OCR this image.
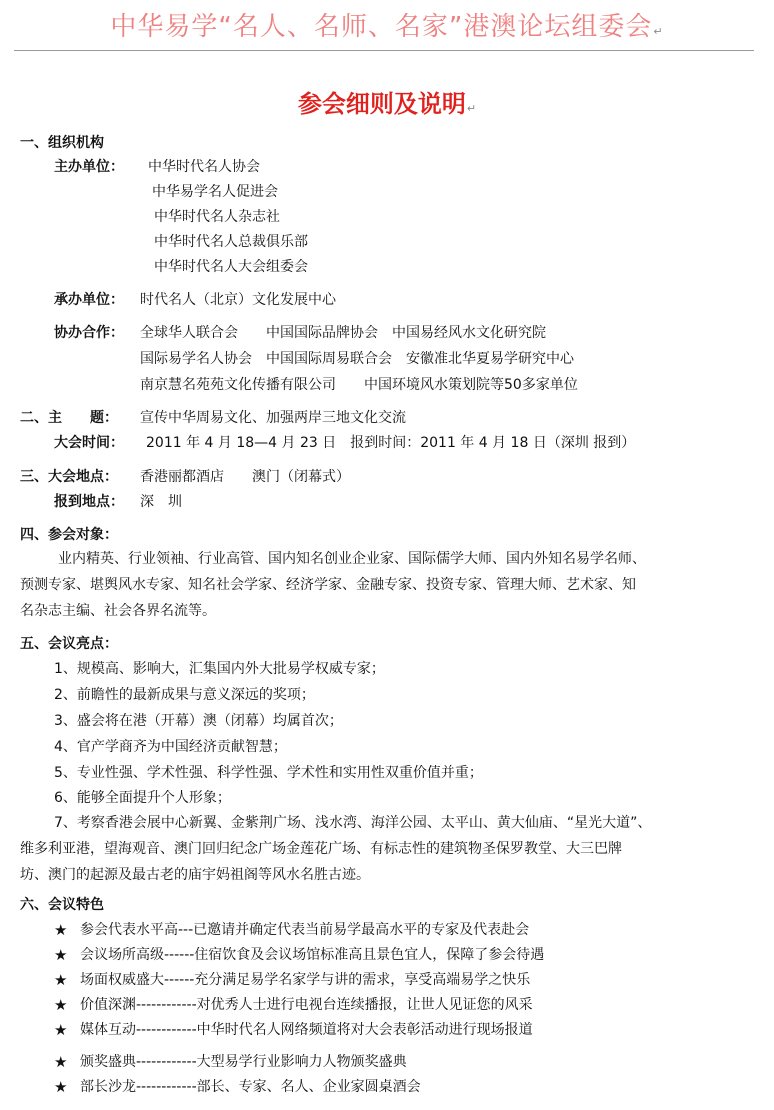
中华易学“名人、名师、名家”港澳论坛组委会↵
参会细则及说明↵
一、组织机构
主办单位： 中华时代名人协会
中华易学名人促进会
中华时代名人杂志社
中华时代名人总裁俱乐部
中华时代名人大会组委会
承办单位： 时代名人（北京）文化发展中心
协办合作： 全球华人联合会　　中国国际品牌协会　中国易经风水文化研究院
国际易学名人协会　中国国际周易联合会　安徽准北华夏易学研究中心
南京慧名苑苑文化传播有限公司　　中国环境风水策划院等50多家单位
二、主　　题： 宣传中华周易文化、加强两岸三地文化交流
大会时间： 2011 年 4 月 18—4 月 23 日　报到时间：2011 年 4 月 18 日（深圳 报到）
三、大会地点： 香港丽都酒店　　澳门（闭幕式）
报到地点： 深　圳
四、参会对象：
业内精英、行业领袖、行业高管、国内知名创业企业家、国际儒学大师、国内外知名易学名师、
预测专家、堪舆风水专家、知名社会学家、经济学家、金融专家、投资专家、管理大师、艺术家、知
名杂志主编、社会各界名流等。
五、会议亮点：
1、规模高、影响大，汇集国内外大批易学权威专家；
2、前瞻性的最新成果与意义深远的奖项；
3、盛会将在港（开幕）澳（闭幕）均属首次；
4、官产学商齐为中国经济贡献智慧；
5、专业性强、学术性强、科学性强、学术性和实用性双重价值并重；
6、能够全面提升个人形象；
7、考察香港会展中心新翼、金紫荆广场、浅水湾、海洋公园、太平山、黄大仙庙、“星光大道”、
维多利亚港，望海观音、澳门回归纪念广场金莲花广场、有标志性的建筑物圣保罗教堂、大三巴牌
坊、澳门的起源及最古老的庙宇妈祖阁等风水名胜古迹。
六、会议特色
★ 参会代表水平高---已邀请并确定代表当前易学最高水平的专家及代表赴会
★ 会议场所高级------住宿饮食及会议场馆标准高且景色宜人，保障了参会待遇
★ 场面权威盛大------充分满足易学名家学与讲的需求，享受高端易学之快乐
★ 价值深渊------------对优秀人士进行电视台连续播报，让世人见证您的风采
★ 媒体互动------------中华时代名人网络频道将对大会表彰活动进行现场报道
★ 颁奖盛典------------大型易学行业影响力人物颁奖盛典
★ 部长沙龙------------部长、专家、名人、企业家圆桌酒会
